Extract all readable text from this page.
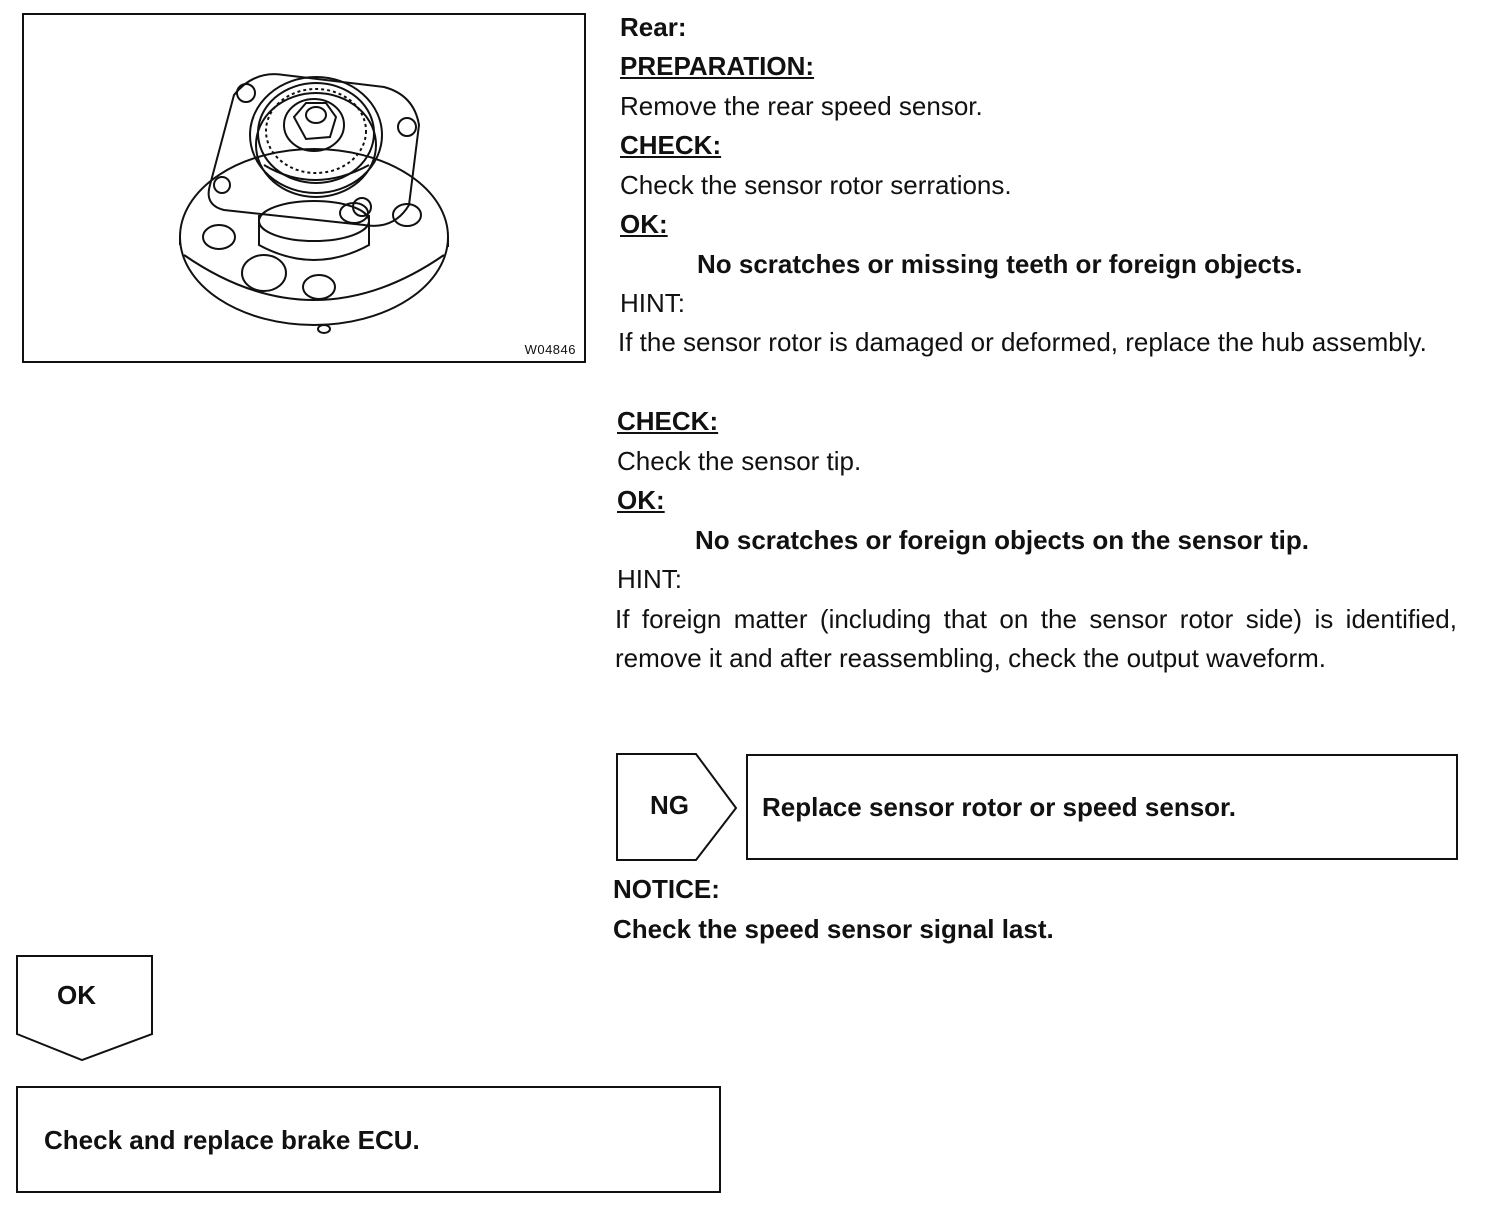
W04846
Rear:
PREPARATION:
Remove the rear speed sensor.
CHECK:
Check the sensor rotor serrations.
OK:
No scratches or missing teeth or foreign objects.
HINT:
If the sensor rotor is damaged or deformed, replace the hub assembly.
CHECK:
Check the sensor tip.
OK:
No scratches or foreign objects on the sensor tip.
HINT:
If foreign matter (including that on the sensor rotor side) is identified, remove it and after reassembling, check the output waveform.
NG	Replace sensor rotor or speed sensor.
NOTICE:
Check the speed sensor signal last.
OK
Check and replace brake ECU.
